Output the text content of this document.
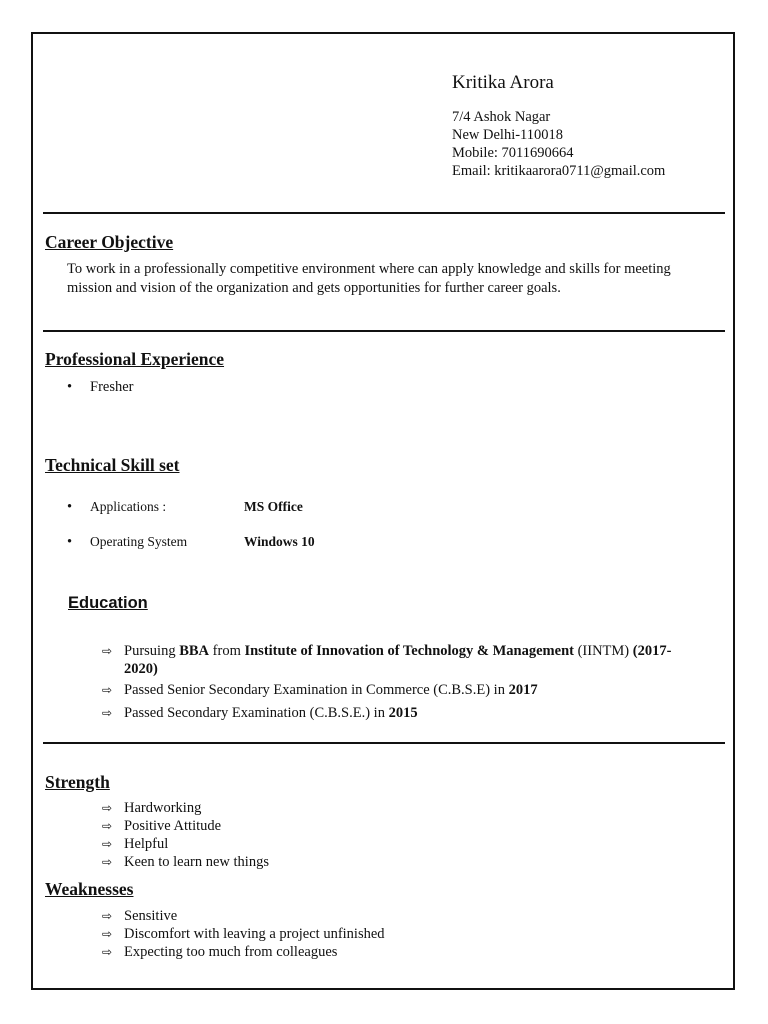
Kritika Arora
7/4 Ashok Nagar
New Delhi-110018
Mobile: 7011690664
Email: kritikaarora0711@gmail.com
Career Objective
To work in a professionally competitive environment where can apply knowledge and skills for meeting
mission and vision of the organization and gets opportunities for further career goals.
Professional Experience
• Fresher
Technical Skill set
• Applications :	MS Office
• Operating System	Windows 10
Education
⇨ Pursuing BBA from Institute of Innovation of Technology & Management (IINTM) (2017-
2020)
⇨ Passed Senior Secondary Examination in Commerce (C.B.S.E) in 2017
⇨ Passed Secondary Examination (C.B.S.E.) in 2015
Strength
⇨ Hardworking
⇨ Positive Attitude
⇨ Helpful
⇨ Keen to learn new things
Weaknesses
⇨ Sensitive
⇨ Discomfort with leaving a project unfinished
⇨ Expecting too much from colleagues
